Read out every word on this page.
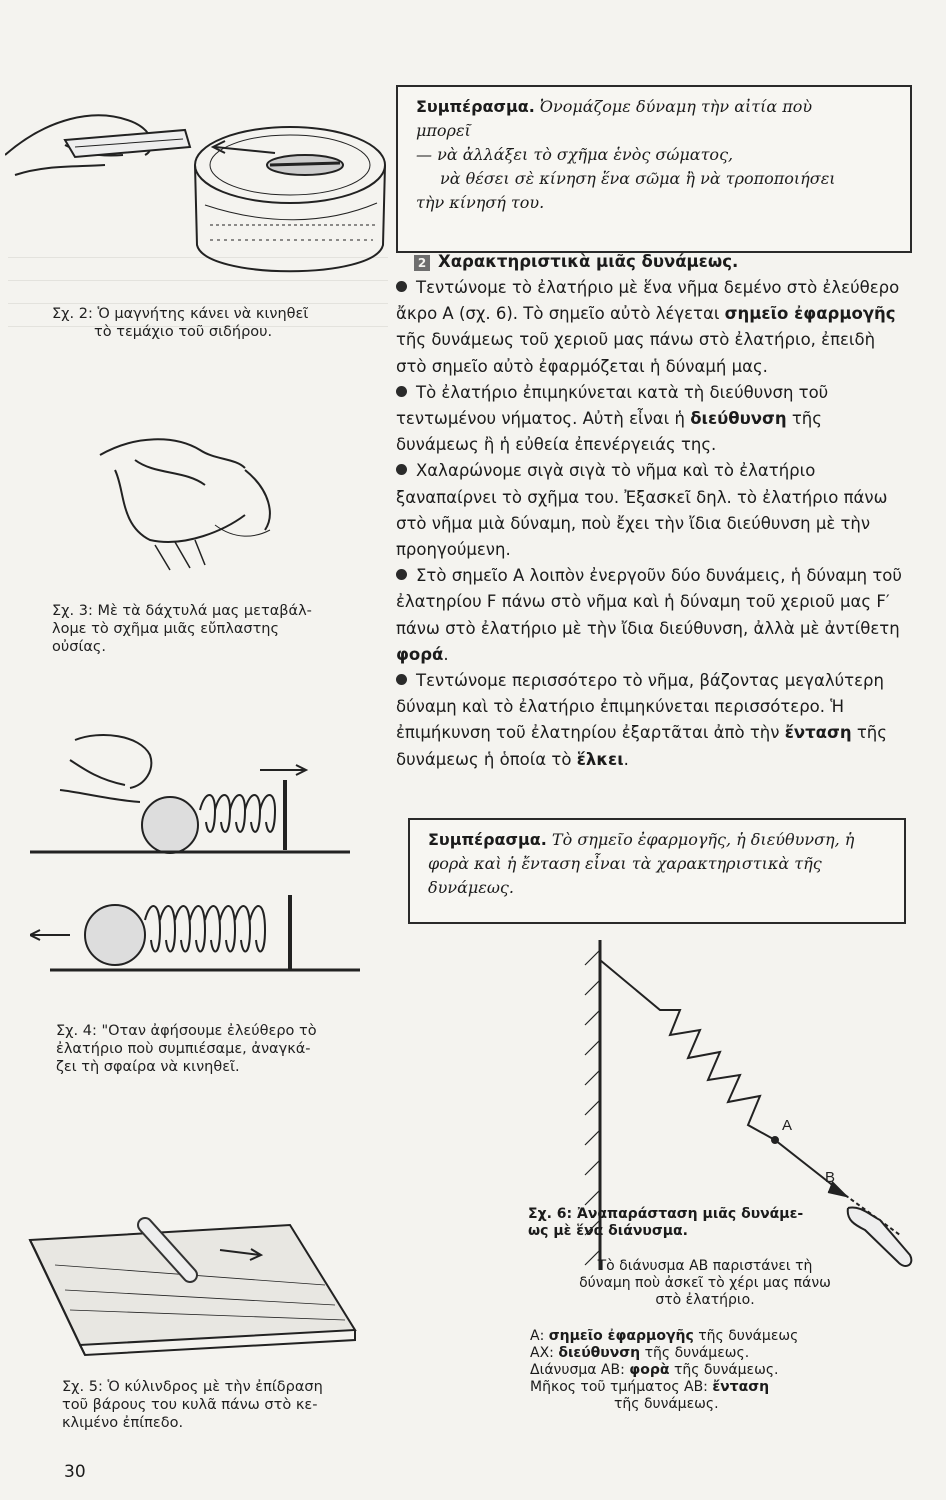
Σχ. 2: Ὁ μαγνήτης κάνει νὰ κινηθεῖ
τὸ τεμάχιο τοῦ σιδήρου.
Σχ. 3: Μὲ τὰ δάχτυλά μας μεταβάλ-
λομε τὸ σχῆμα μιᾶς εὔπλαστης
οὐσίας.
Σχ. 4: "Οταν ἀφήσουμε ἐλεύθερο τὸ
ἐλατήριο ποὺ συμπιέσαμε, ἀναγκά-
ζει τὴ σφαίρα νὰ κινηθεῖ.
Σχ. 5: Ὁ κύλινδρος μὲ τὴν ἐπίδραση
τοῦ βάρους του κυλᾶ πάνω στὸ κε-
κλιμένο ἐπίπεδο.
30

Συμπέρασμα. Ὀνομάζομε δύναμη τὴν αἰτία ποὺ

μπορεῖ

— νὰ ἀλλάξει τὸ σχῆμα ἑνὸς σώματος,

νὰ θέσει σὲ κίνηση ἕνα σῶμα ἢ νὰ τροποποιήσει

τὴν κίνησή του.

2 Χαρακτηριστικὰ μιᾶς δυνάμεως.

Τεντώνομε τὸ ἐλατήριο μὲ ἕνα νῆμα δεμένο στὸ ἐλεύθερο ἄκρο Α (σχ. 6). Τὸ σημεῖο αὐτὸ λέγεται σημεῖο ἐφαρμογῆς τῆς δυνάμεως τοῦ χεριοῦ μας πάνω στὸ ἐλατήριο, ἐπειδὴ στὸ σημεῖο αὐτὸ ἐφαρμόζεται ἡ δύναμή μας.

Τὸ ἐλατήριο ἐπιμηκύνεται κατὰ τὴ διεύθυνση τοῦ τεντωμένου νήματος. Αὐτὴ εἶναι ἡ διεύθυνση τῆς δυνάμεως ἢ ἡ εὐθεία ἐπενέργειάς της.

Χαλαρώνομε σιγὰ σιγὰ τὸ νῆμα καὶ τὸ ἐλατήριο ξαναπαίρνει τὸ σχῆμα του. Ἐξασκεῖ δηλ. τὸ ἐλατήριο πάνω στὸ νῆμα μιὰ δύναμη, ποὺ ἔχει τὴν ἴδια διεύθυνση μὲ τὴν προηγούμενη.

Στὸ σημεῖο Α λοιπὸν ἐνεργοῦν δύο δυνάμεις, ἡ δύναμη τοῦ ἐλατηρίου F πάνω στὸ νῆμα καὶ ἡ δύναμη τοῦ χεριοῦ μας F′ πάνω στὸ ἐλατήριο μὲ τὴν ἴδια διεύθυνση, ἀλλὰ μὲ ἀντίθετη φορά.

Τεντώνομε περισσότερο τὸ νῆμα, βάζοντας μεγαλύτερη δύναμη καὶ τὸ ἐλατήριο ἐπιμηκύνεται περισσότερο. Ἡ ἐπιμήκυνση τοῦ ἐλατηρίου ἐξαρτᾶται ἀπὸ τὴν ἔνταση τῆς δυνάμεως ἡ ὁποία τὸ ἕλκει.

Συμπέρασμα. Τὸ σημεῖο ἐφαρμογῆς, ἡ διεύθυνση, ἡ φορὰ καὶ ἡ ἔνταση εἶναι τὰ χαρακτηριστικὰ τῆς δυνάμεως.

A
B
Σχ. 6: Ἀναπαράσταση μιᾶς δυνάμε-
ως μὲ ἕνα διάνυσμα.
Τὸ διάνυσμα ΑΒ παριστάνει τὴ
δύναμη ποὺ ἀσκεῖ τὸ χέρι μας πάνω
στὸ ἐλατήριο.
Α: σημεῖο ἐφαρμογῆς τῆς δυνάμεως
ΑΧ: διεύθυνση τῆς δυνάμεως.
Διάνυσμα ΑΒ: φορὰ τῆς δυνάμεως.
Μῆκος τοῦ τμήματος ΑΒ: ἔνταση
τῆς δυνάμεως.
